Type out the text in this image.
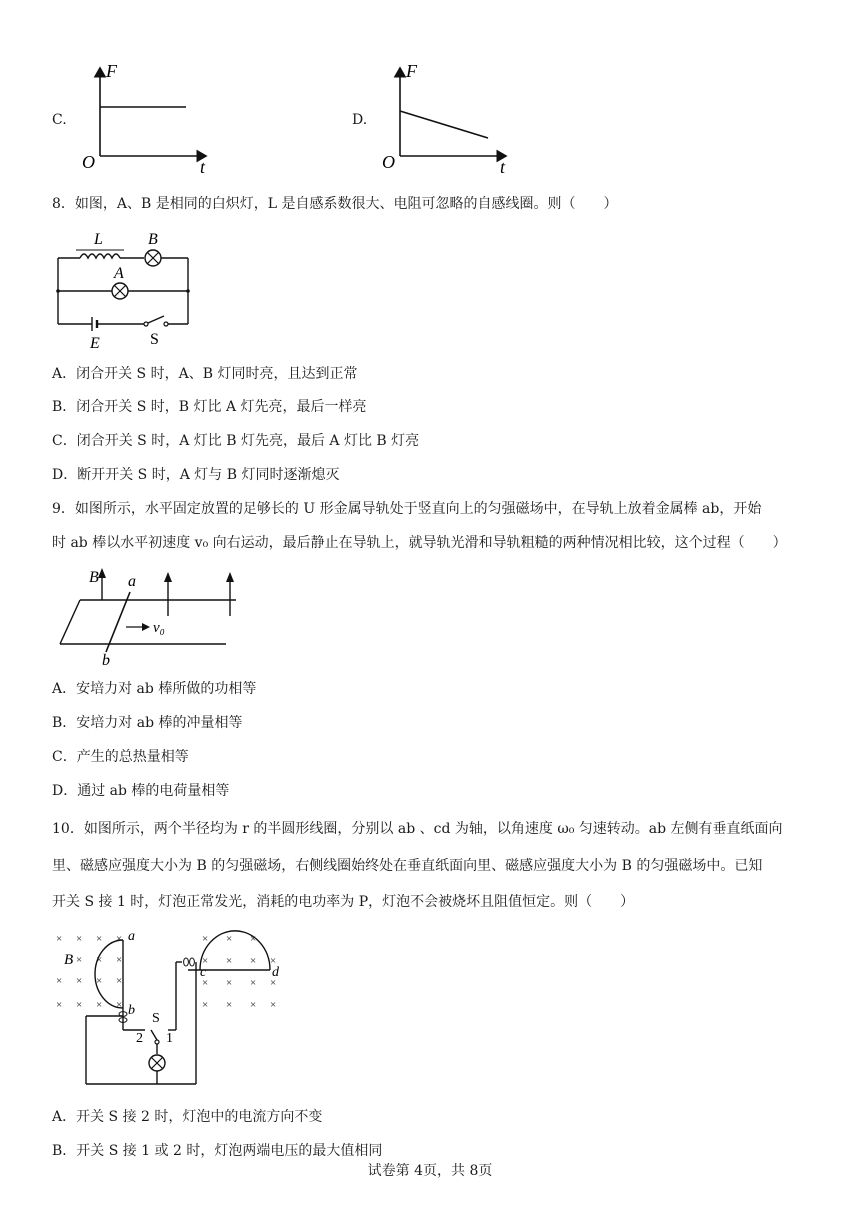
C.
F
O	t
D.
F
O	t
8．如图，A、B 是相同的白炽灯，L 是自感系数很大、电阻可忽略的自感线圈。则（　　）
L	B
A
E	S
A．闭合开关 S 时，A、B 灯同时亮，且达到正常
B．闭合开关 S 时，B 灯比 A 灯先亮，最后一样亮
C．闭合开关 S 时，A 灯比 B 灯先亮，最后 A 灯比 B 灯亮
D．断开开关 S 时，A 灯与 B 灯同时逐渐熄灭
9．如图所示，水平固定放置的足够长的 U 形金属导轨处于竖直向上的匀强磁场中，在导轨上放着金属棒 ab，开始
时 ab 棒以水平初速度 v₀ 向右运动，最后静止在导轨上，就导轨光滑和导轨粗糙的两种情况相比较，这个过程（　　）
B a
b
v₀
A．安培力对 ab 棒所做的功相等
B．安培力对 ab 棒的冲量相等
C．产生的总热量相等
D．通过 ab 棒的电荷量相等
10．如图所示，两个半径均为 r 的半圆形线圈，分别以 ab 、cd 为轴，以角速度 ω₀ 匀速转动。ab 左侧有垂直纸面向
里、磁感应强度大小为 B 的匀强磁场，右侧线圈始终处在垂直纸面向里、磁感应强度大小为 B 的匀强磁场中。已知
开关 S 接 1 时，灯泡正常发光，消耗的电功率为 P，灯泡不会被烧坏且阻值恒定。则（　　）
× × × ×
× × ×
× × × ×
× × × ×
× × ×
× × × ×
× × × ×
× × × ×
a
b
c	d
B
S
2 1
A．开关 S 接 2 时，灯泡中的电流方向不变
B．开关 S 接 1 或 2 时，灯泡两端电压的最大值相同
试卷第 4页，共 8页
